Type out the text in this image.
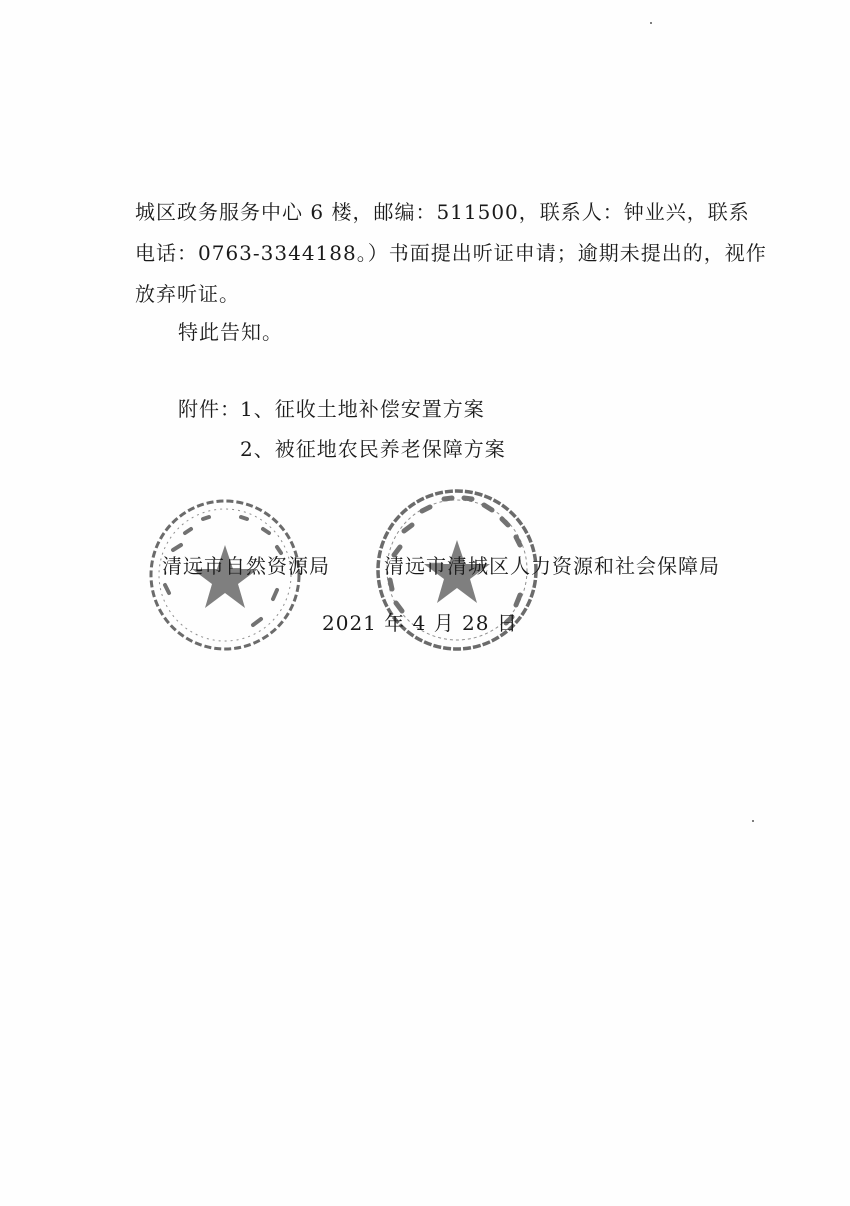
城区政务服务中心 6 楼，邮编：511500，联系人：钟业兴，联系
电话：0763-3344188。）书面提出听证申请；逾期未提出的，视作
放弃听证。
特此告知。
附件： 1、征收土地补偿安置方案
2、被征地农民养老保障方案
清远市自然资源局	清远市清城区人力资源和社会保障局
2021 年 4 月 28 日
